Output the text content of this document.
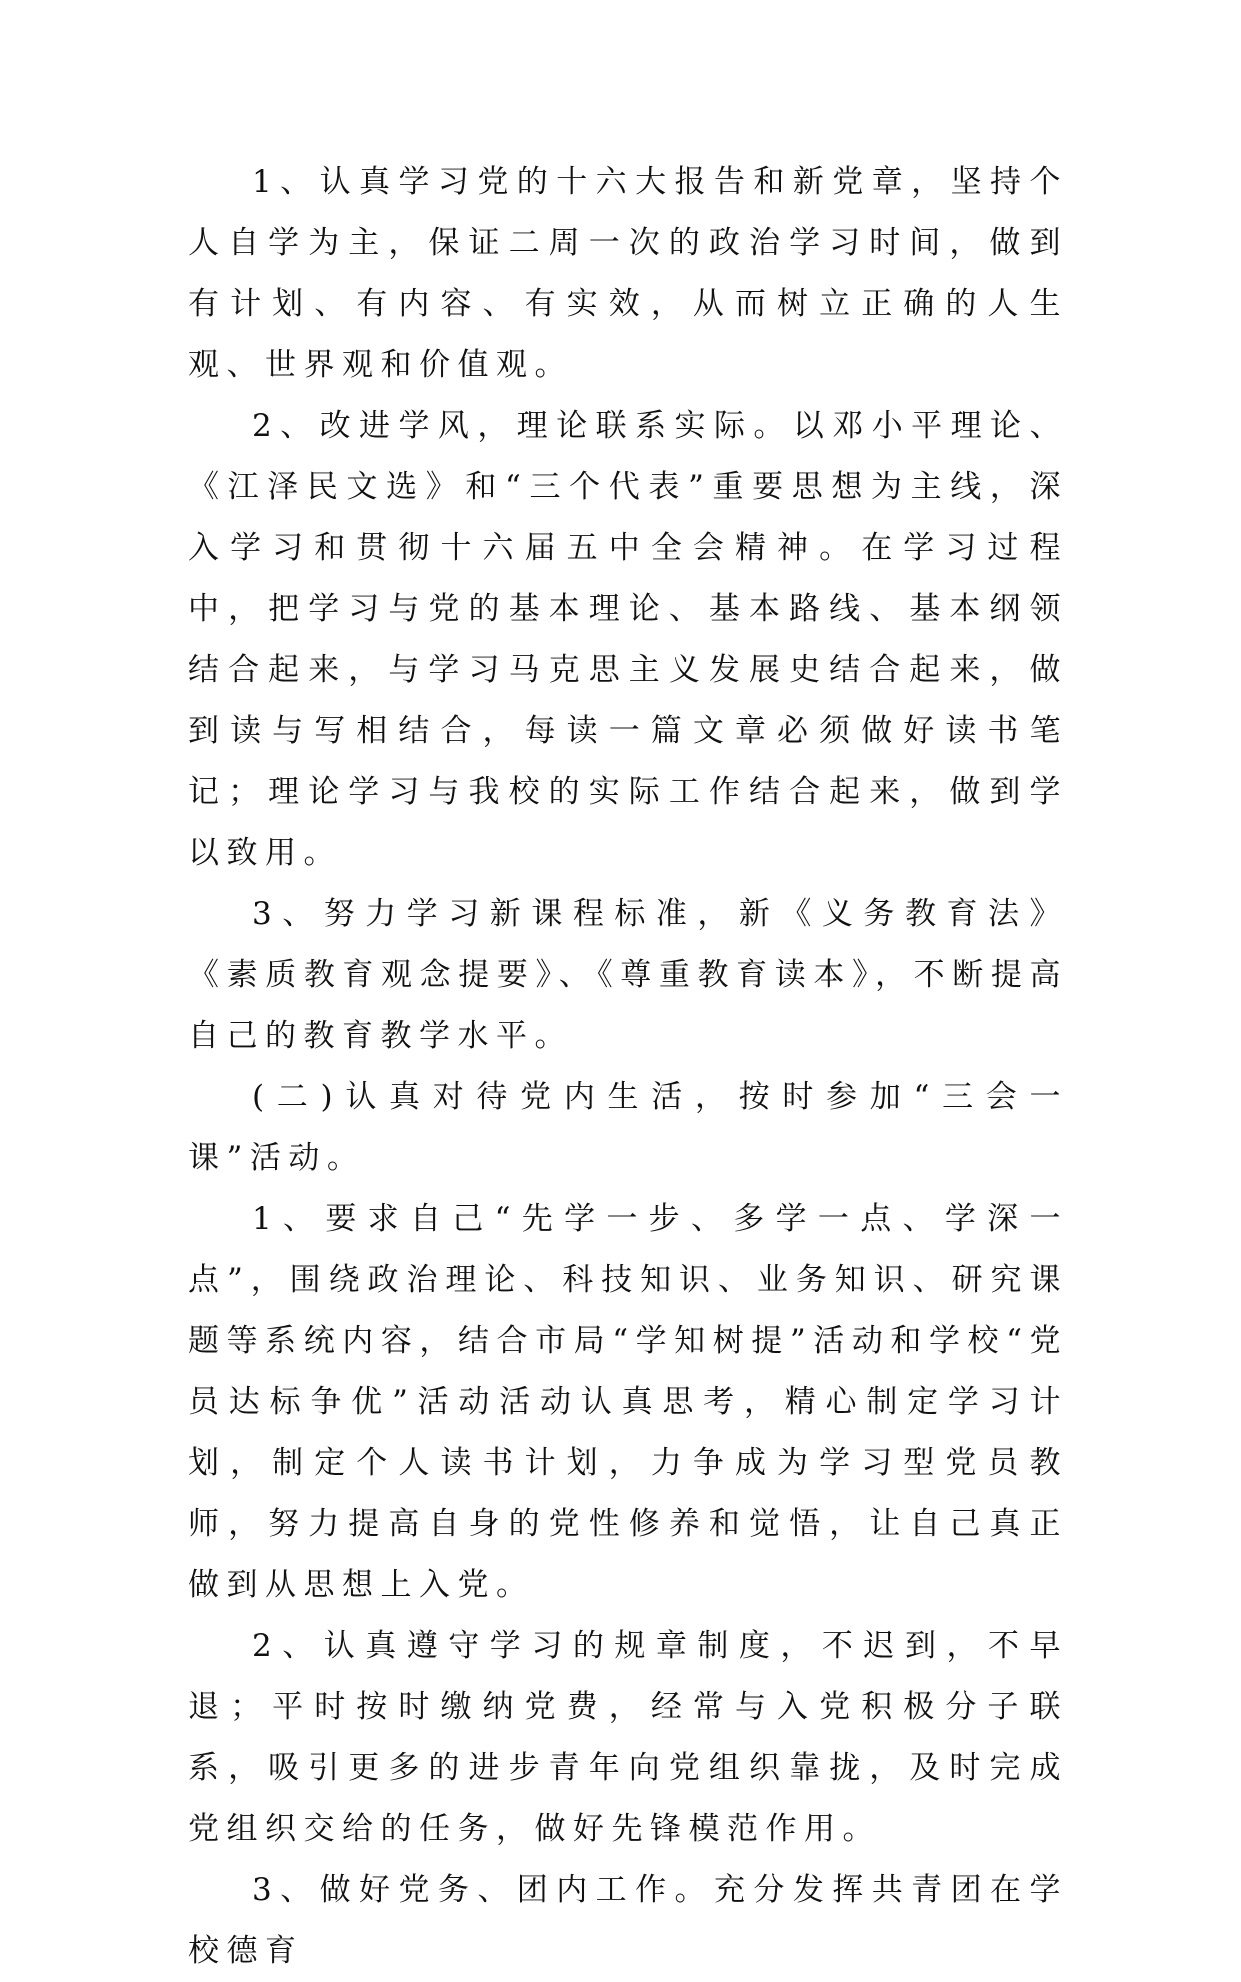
1、认真学习党的十六大报告和新党章，坚持个人自学为主，保证二周一次的政治学习时间，做到有计划、有内容、有实效，从而树立正确的人生观、世界观和价值观。

2、改进学风，理论联系实际。以邓小平理论、《江泽民文选》和“三个代表”重要思想为主线，深入学习和贯彻十六届五中全会精神。在学习过程中，把学习与党的基本理论、基本路线、基本纲领结合起来，与学习马克思主义发展史结合起来，做到读与写相结合，每读一篇文章必须做好读书笔记；理论学习与我校的实际工作结合起来，做到学以致用。

3、努力学习新课程标准，新《义务教育法》《素质教育观念提要》、《尊重教育读本》，不断提高自己的教育教学水平。

(二)认真对待党内生活，按时参加“三会一课”活动。

1、要求自己“先学一步、多学一点、学深一点”，围绕政治理论、科技知识、业务知识、研究课题等系统内容，结合市局“学知树提”活动和学校“党员达标争优”活动活动认真思考，精心制定学习计划，制定个人读书计划，力争成为学习型党员教师，努力提高自身的党性修养和觉悟，让自己真正做到从思想上入党。

2、认真遵守学习的规章制度，不迟到，不早退；平时按时缴纳党费，经常与入党积极分子联系，吸引更多的进步青年向党组织靠拢，及时完成党组织交给的任务，做好先锋模范作用。

3、做好党务、团内工作。充分发挥共青团在学校德育
